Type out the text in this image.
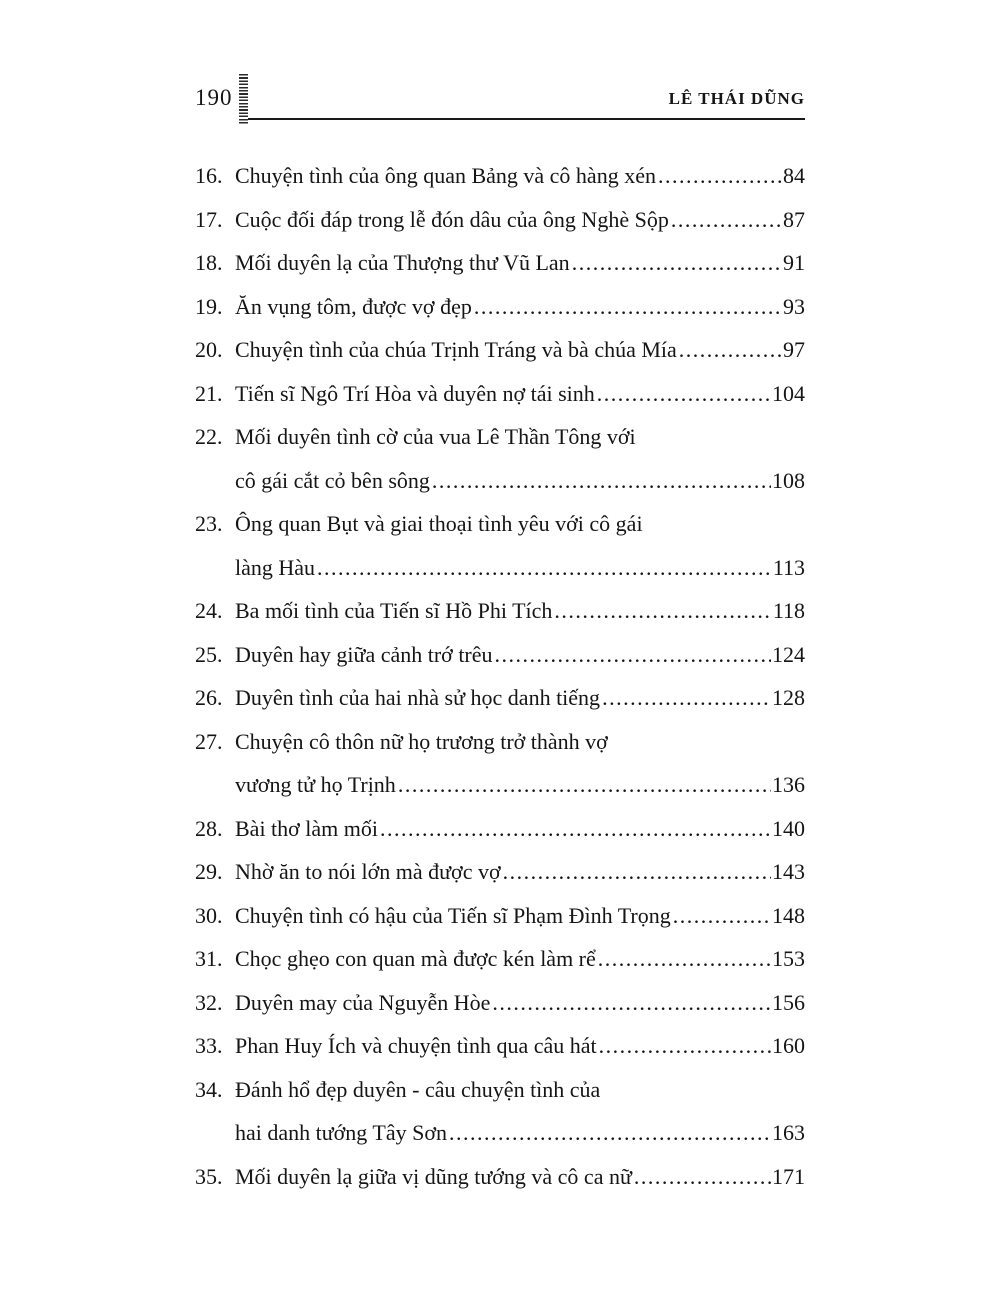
190	LÊ THÁI DŨNG
16. Chuyện tình của ông quan Bảng và cô hàng xén .....	84
17. Cuộc đối đáp trong lễ đón dâu của ông Nghè Sộp .....	87
18. Mối duyên lạ của Thượng thư Vũ Lan .....	91
19. Ăn vụng tôm, được vợ đẹp .....	93
20. Chuyện tình của chúa Trịnh Tráng và bà chúa Mía .....	97
21. Tiến sĩ Ngô Trí Hòa và duyên nợ tái sinh .....	104
22. Mối duyên tình cờ của vua Lê Thần Tông với
cô gái cắt cỏ bên sông .....	108
23. Ông quan Bụt và giai thoại tình yêu với cô gái
làng Hàu .....	113
24. Ba mối tình của Tiến sĩ Hồ Phi Tích .....	118
25. Duyên hay giữa cảnh trớ trêu .....	124
26. Duyên tình của hai nhà sử học danh tiếng .....	128
27. Chuyện cô thôn nữ họ trương trở thành vợ
vương tử họ Trịnh .....	136
28. Bài thơ làm mối .....	140
29. Nhờ ăn to nói lớn mà được vợ .....	143
30. Chuyện tình có hậu của Tiến sĩ Phạm Đình Trọng .....	148
31. Chọc ghẹo con quan mà được kén làm rể .....	153
32. Duyên may của Nguyễn Hòe .....	156
33. Phan Huy Ích và chuyện tình qua câu hát .....	160
34. Đánh hổ đẹp duyên - câu chuyện tình của
hai danh tướng Tây Sơn .....	163
35. Mối duyên lạ giữa vị dũng tướng và cô ca nữ .....	171
